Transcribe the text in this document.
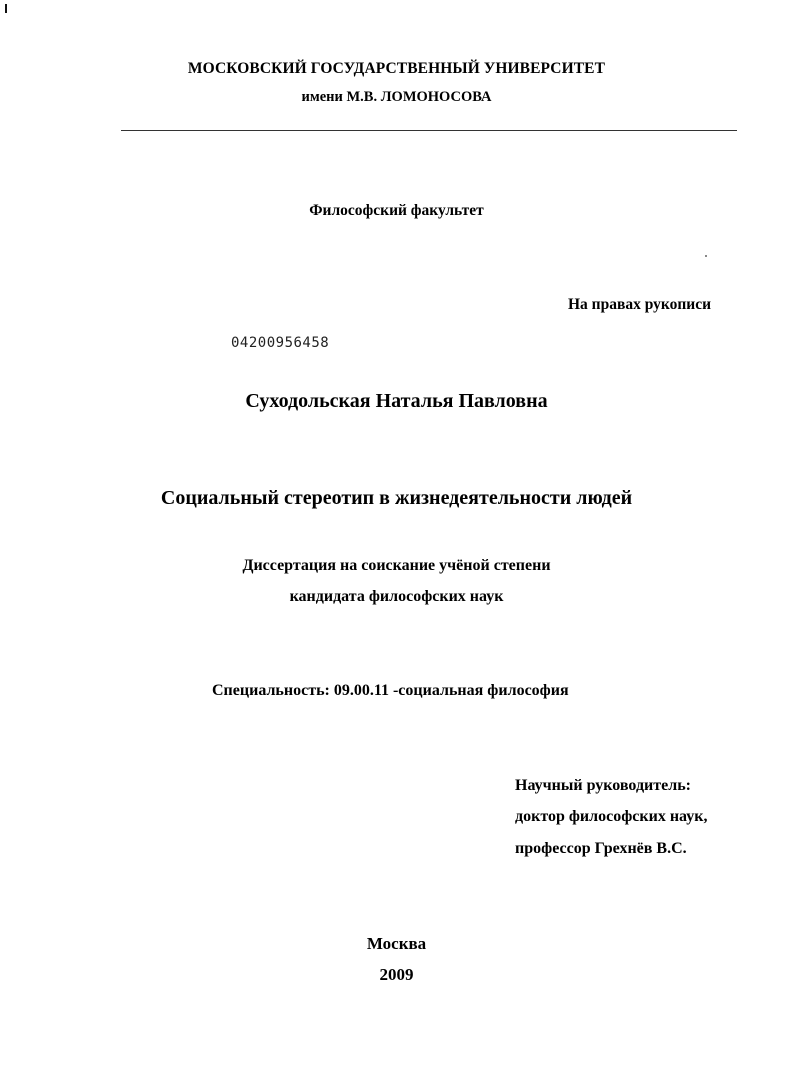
МОСКОВСКИЙ ГОСУДАРСТВЕННЫЙ УНИВЕРСИТЕТ
имени М.В. ЛОМОНОСОВА
Философский факультет
На правах рукописи
04200956458
Суходольская Наталья Павловна
Социальный стереотип в жизнедеятельности людей
Диссертация на соискание учёной степени
кандидата философских наук
Специальность: 09.00.11 -социальная философия
Научный руководитель:
доктор философских наук,
профессор Грехнёв В.С.
Москва
2009
